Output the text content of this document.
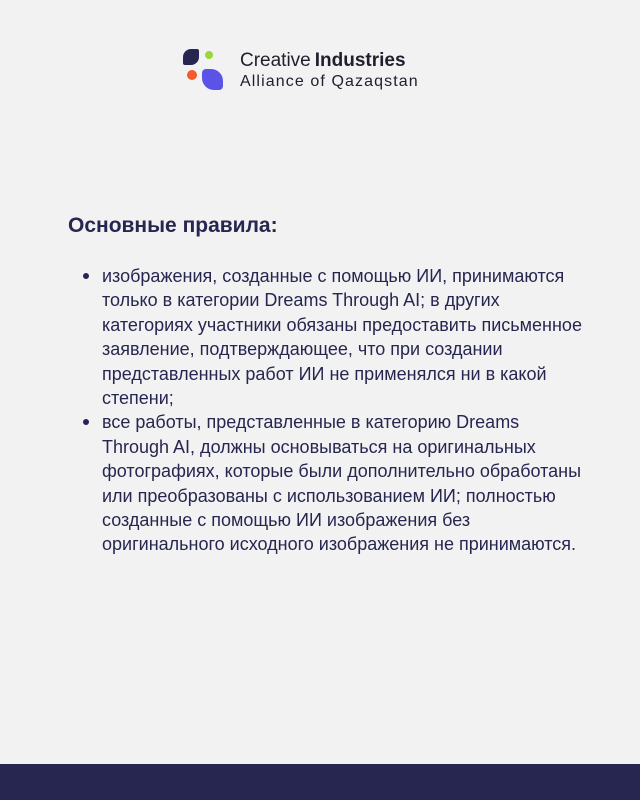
Creative Industries
Alliance of Qazaqstan
Основные правила:
изображения, созданные с помощью ИИ, принимаются только в категории Dreams Through AI; в других категориях участники обязаны предоставить письменное заявление, подтверждающее, что при создании представленных работ ИИ не применялся ни в какой степени;
все работы, представленные в категорию Dreams Through AI, должны основываться на оригинальных фотографиях, которые были дополнительно обработаны или преобразованы с использованием ИИ; полностью созданные с помощью ИИ изображения без оригинального исходного изображения не принимаются.
